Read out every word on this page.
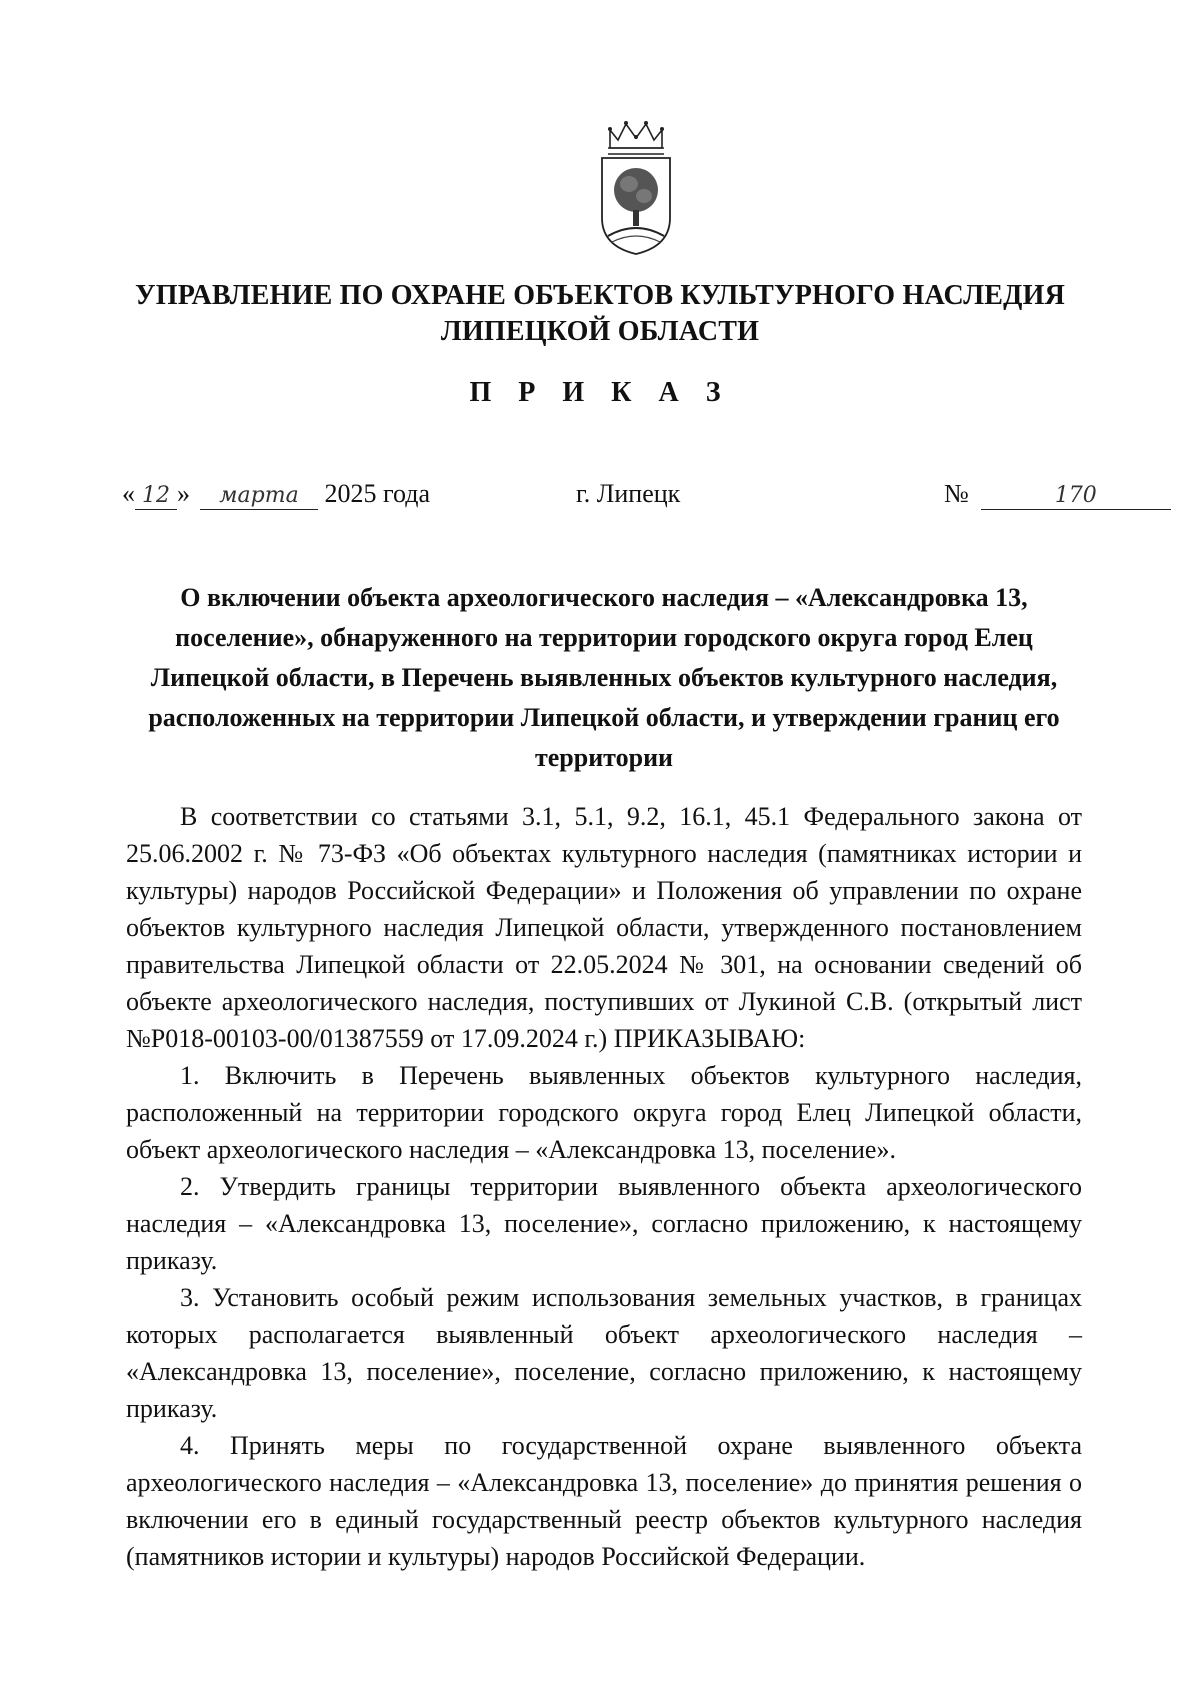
УПРАВЛЕНИЕ ПО ОХРАНЕ ОБЪЕКТОВ КУЛЬТУРНОГО НАСЛЕДИЯ
ЛИПЕЦКОЙ ОБЛАСТИ
П Р И К А З
« 12 » марта 2025 года	г. Липецк	№	170
О включении объекта археологического наследия – «Александровка 13, поселение», обнаруженного на территории городского округа город Елец Липецкой области, в Перечень выявленных объектов культурного наследия, расположенных на территории Липецкой области, и утверждении границ его территории

В соответствии со статьями 3.1, 5.1, 9.2, 16.1, 45.1 Федерального закона от 25.06.2002 г. № 73-ФЗ «Об объектах культурного наследия (памятниках истории и культуры) народов Российской Федерации» и Положения об управлении по охране объектов культурного наследия Липецкой области, утвержденного постановлением правительства Липецкой области от 22.05.2024 № 301, на основании сведений об объекте археологического наследия, поступивших от Лукиной С.В. (открытый лист №Р018-00103-00/01387559 от 17.09.2024 г.) ПРИКАЗЫВАЮ:

1. Включить в Перечень выявленных объектов культурного наследия, расположенный на территории городского округа город Елец Липецкой области, объект археологического наследия – «Александровка 13, поселение».

2. Утвердить границы территории выявленного объекта археологического наследия – «Александровка 13, поселение», согласно приложению, к настоящему приказу.

3. Установить особый режим использования земельных участков, в границах которых располагается выявленный объект археологического наследия – «Александровка 13, поселение», поселение, согласно приложению, к настоящему приказу.

4. Принять меры по государственной охране выявленного объекта археологического наследия – «Александровка 13, поселение» до принятия решения о включении его в единый государственный реестр объектов культурного наследия (памятников истории и культуры) народов Российской Федерации.
